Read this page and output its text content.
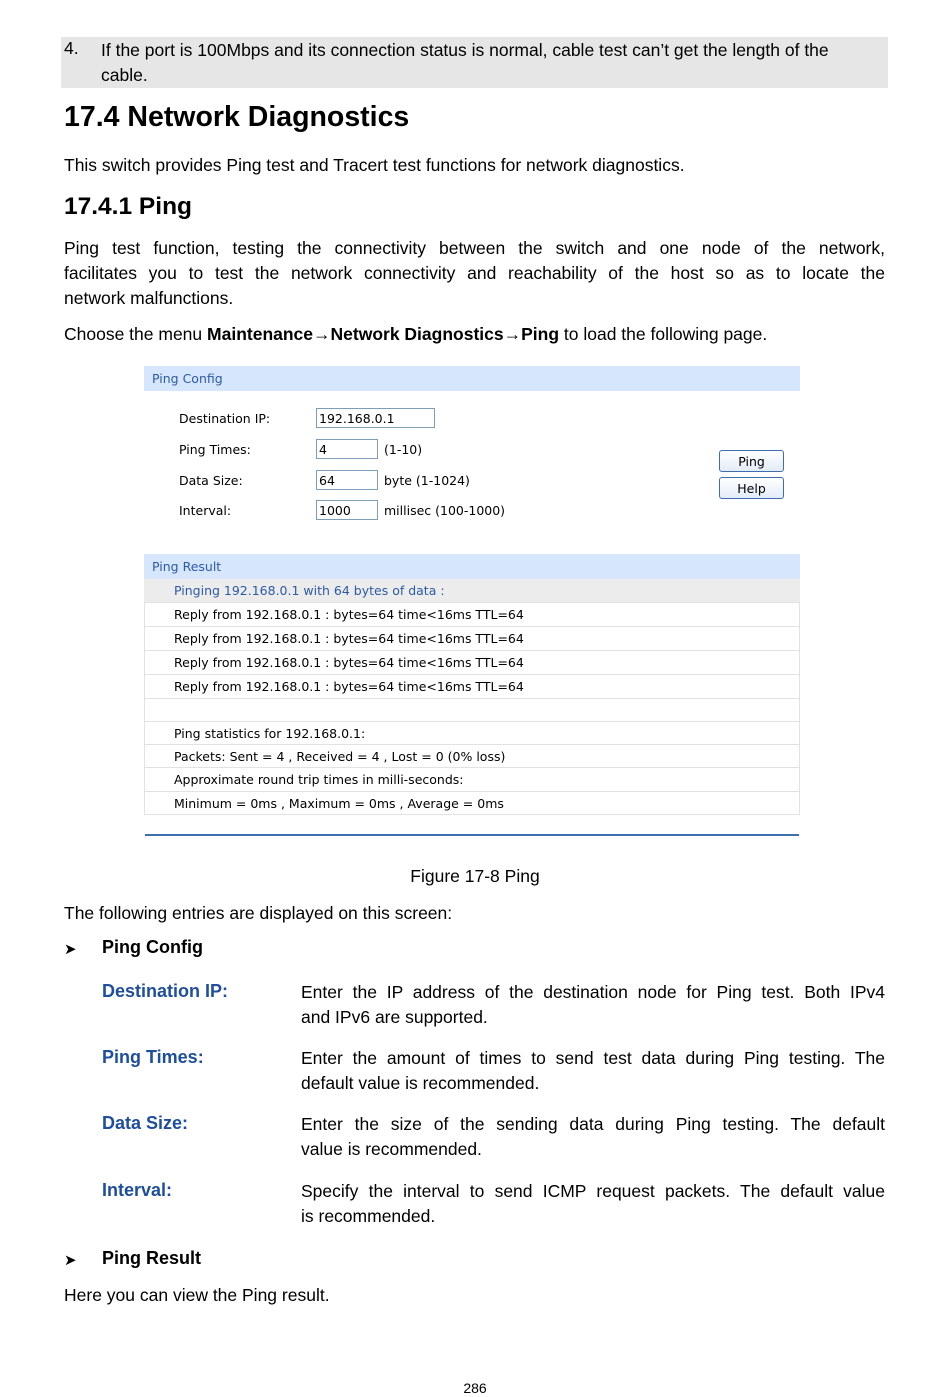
4. If the port is 100Mbps and its connection status is normal, cable test can’t get the length of the
cable.
17.4 Network Diagnostics
This switch provides Ping test and Tracert test functions for network diagnostics.
17.4.1 Ping
Ping test function, testing the connectivity between the switch and one node of the network,
facilitates you to test the network connectivity and reachability of the host so as to locate the
network malfunctions.
Choose the menu Maintenance→Network Diagnostics→Ping to load the following page.
Ping Config
Destination IP:	192.168.0.1
Ping Times:	4	(1-10)
Data Size:	64	byte (1-1024)
Interval:	1000	millisec (100-1000)
Ping
Help
Ping Result
Pinging 192.168.0.1 with 64 bytes of data :
Reply from 192.168.0.1 : bytes=64 time<16ms TTL=64
Reply from 192.168.0.1 : bytes=64 time<16ms TTL=64
Reply from 192.168.0.1 : bytes=64 time<16ms TTL=64
Reply from 192.168.0.1 : bytes=64 time<16ms TTL=64
Ping statistics for 192.168.0.1:
Packets: Sent = 4 , Received = 4 , Lost = 0 (0% loss)
Approximate round trip times in milli-seconds:
Minimum = 0ms , Maximum = 0ms , Average = 0ms
Figure 17-8 Ping
The following entries are displayed on this screen:
➤ Ping Config
Destination IP:	Enter the IP address of the destination node for Ping test. Both IPv4
and IPv6 are supported.
Ping Times:	Enter the amount of times to send test data during Ping testing. The
default value is recommended.
Data Size:	Enter the size of the sending data during Ping testing. The default
value is recommended.
Interval:	Specify the interval to send ICMP request packets. The default value
is recommended.
➤ Ping Result
Here you can view the Ping result.
286
